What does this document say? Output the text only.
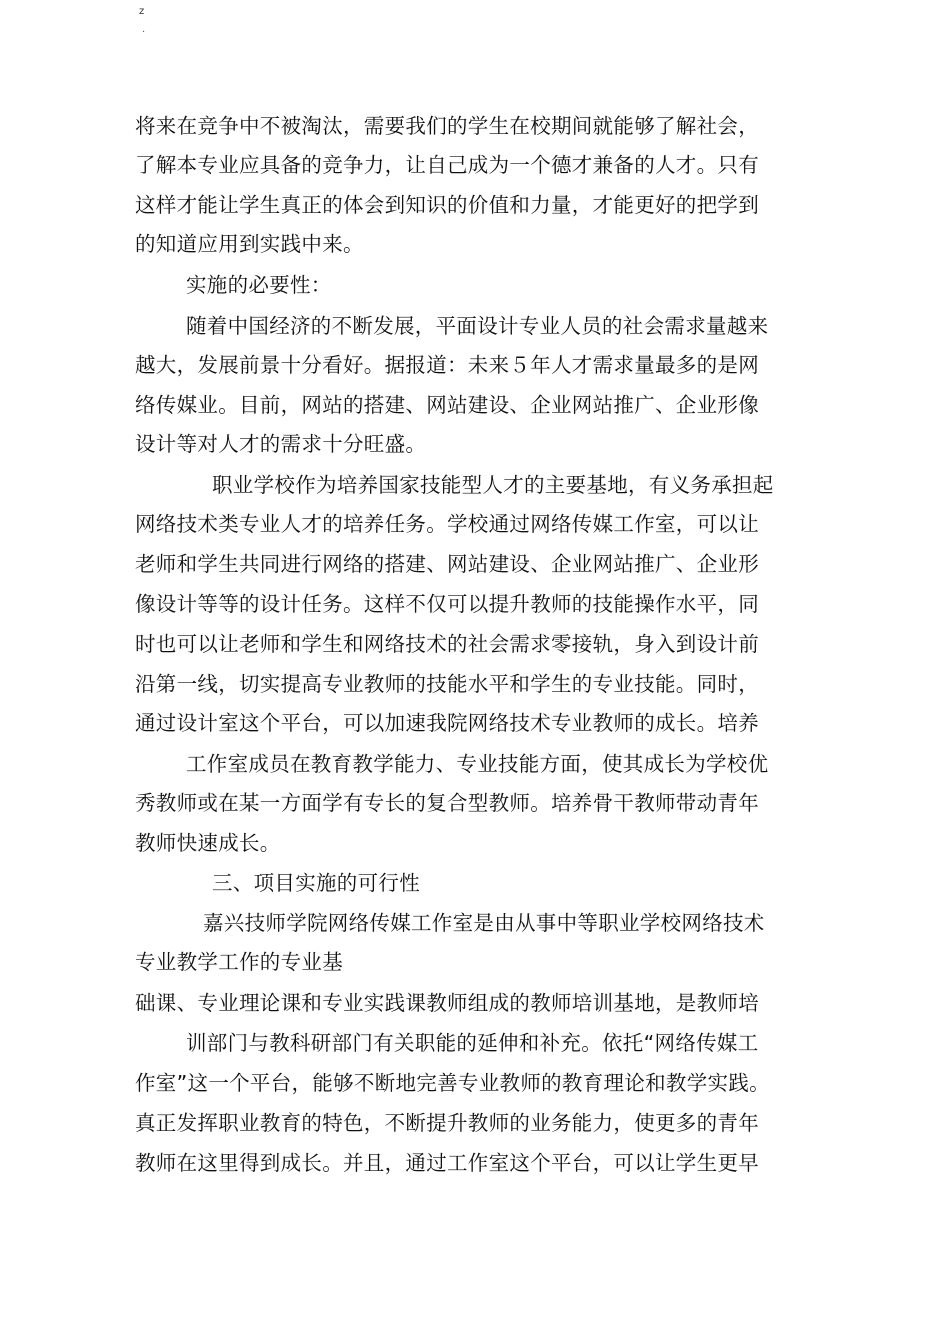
z
.
将来在竞争中不被淘汰，需要我们的学生在校期间就能够了解社会，
了解本专业应具备的竞争力，让自己成为一个德才兼备的人才。只有
这样才能让学生真正的体会到知识的价值和力量，才能更好的把学到
的知道应用到实践中来。
实施的必要性：
随着中国经济的不断发展，平面设计专业人员的社会需求量越来
越大，发展前景十分看好。据报道：未来５年人才需求量最多的是网
络传媒业。目前，网站的搭建、网站建设、企业网站推广、企业形像
设计等对人才的需求十分旺盛。
职业学校作为培养国家技能型人才的主要基地，有义务承担起
网络技术类专业人才的培养任务。学校通过网络传媒工作室，可以让
老师和学生共同进行网络的搭建、网站建设、企业网站推广、企业形
像设计等等的设计任务。这样不仅可以提升教师的技能操作水平，同
时也可以让老师和学生和网络技术的社会需求零接轨，身入到设计前
沿第一线，切实提高专业教师的技能水平和学生的专业技能。同时，
通过设计室这个平台，可以加速我院网络技术专业教师的成长。培养
工作室成员在教育教学能力、专业技能方面，使其成长为学校优
秀教师或在某一方面学有专长的复合型教师。培养骨干教师带动青年
教师快速成长。
三、项目实施的可行性
嘉兴技师学院网络传媒工作室是由从事中等职业学校网络技术
专业教学工作的专业基
础课、专业理论课和专业实践课教师组成的教师培训基地，是教师培
训部门与教科研部门有关职能的延伸和补充。依托“网络传媒工
作室”这一个平台，能够不断地完善专业教师的教育理论和教学实践。
真正发挥职业教育的特色，不断提升教师的业务能力，使更多的青年
教师在这里得到成长。并且，通过工作室这个平台，可以让学生更早
